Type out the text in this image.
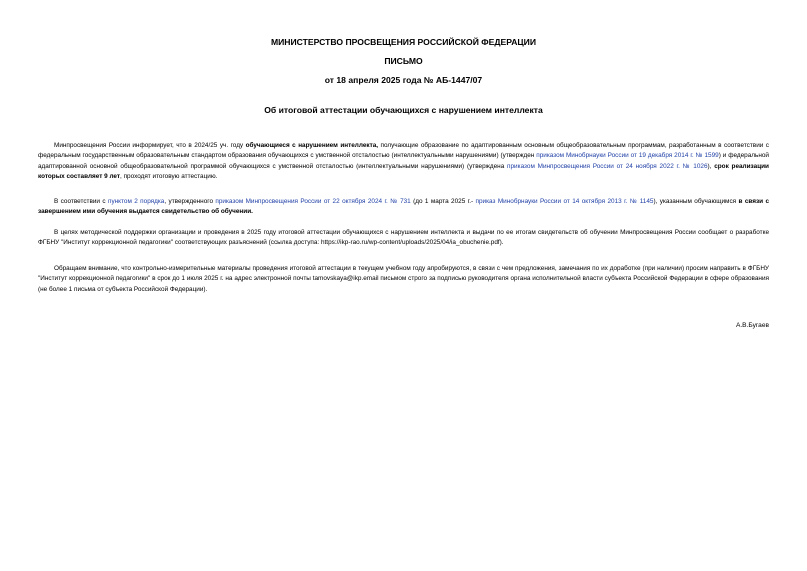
МИНИСТЕРСТВО ПРОСВЕЩЕНИЯ РОССИЙСКОЙ ФЕДЕРАЦИИ
ПИСЬМО
от 18 апреля 2025 года № АБ-1447/07
Об итоговой аттестации обучающихся с нарушением интеллекта

Минпросвещения России информирует, что в 2024/25 уч. году обучающиеся с нарушением интеллекта, получающие образование по адаптированным основным общеобразовательным программам, разработанным в соответствии с федеральным государственным образовательным стандартом образования обучающихся с умственной отсталостью (интеллектуальными нарушениями) (утвержден приказом Минобрнауки России от 19 декабря 2014 г. № 1599) и федеральной адаптированной основной общеобразовательной программой обучающихся с умственной отсталостью (интеллектуальными нарушениями) (утверждена приказом Минпросвещения России от 24 ноября 2022 г. № 1026), срок реализации которых составляет 9 лет, проходят итоговую аттестацию.

В соответствии с пунктом 2 порядка, утвержденного приказом Минпросвещения России от 22 октября 2024 г. № 731 (до 1 марта 2025 г.- приказ Минобрнауки России от 14 октября 2013 г. № 1145), указанным обучающимся в связи с завершением ими обучения выдается свидетельство об обучении.

В целях методической поддержки организации и проведения в 2025 году итоговой аттестации обучающихся с нарушением интеллекта и выдачи по ее итогам свидетельств об обучении Минпросвещения России сообщает о разработке ФГБНУ "Институт коррекционной педагогики" соответствующих разъяснений (ссылка доступа: https://ikp-rao.ru/wp-content/uploads/2025/04/ia_obuchenie.pdf).

Обращаем внимание, что контрольно-измерительные материалы проведения итоговой аттестации в текущем учебном году апробируются, в связи с чем предложения, замечания по их доработке (при наличии) просим направить в ФГБНУ "Институт коррекционной педагогики" в срок до 1 июля 2025 г. на адрес электронной почты tamovskaya@ikp.email письмом строго за подписью руководителя органа исполнительной власти субъекта Российской Федерации в сфере образования (не более 1 письма от субъекта Российской Федерации).

А.В.Бугаев
